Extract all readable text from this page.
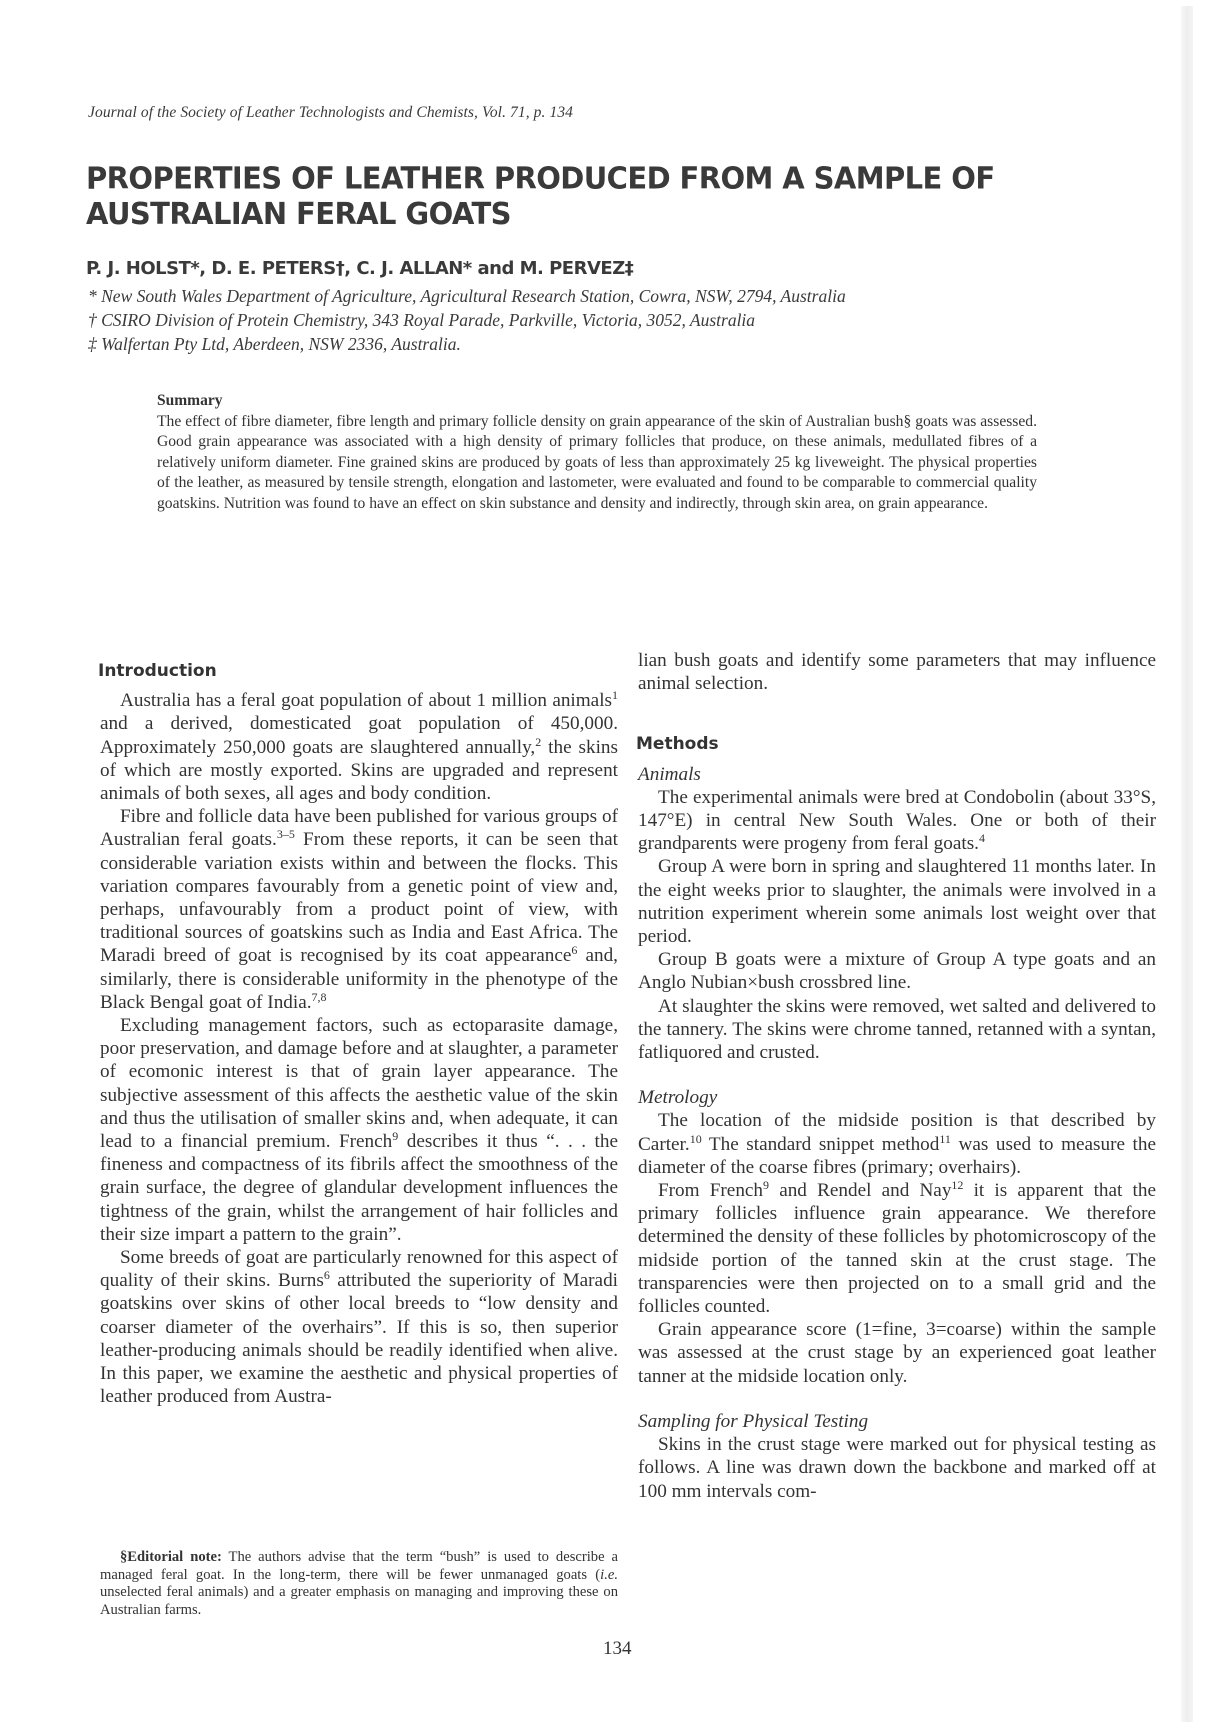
Journal of the Society of Leather Technologists and Chemists, Vol. 71, p. 134
PROPERTIES OF LEATHER PRODUCED FROM A SAMPLE OF
AUSTRALIAN FERAL GOATS
P. J. HOLST*, D. E. PETERS†, C. J. ALLAN* and M. PERVEZ‡
* New South Wales Department of Agriculture, Agricultural Research Station, Cowra, NSW, 2794, Australia
† CSIRO Division of Protein Chemistry, 343 Royal Parade, Parkville, Victoria, 3052, Australia
‡ Walfertan Pty Ltd, Aberdeen, NSW 2336, Australia.
Summary
The effect of fibre diameter, fibre length and primary follicle density on grain appearance of the skin of Australian bush§ goats was assessed. Good grain appearance was associated with a high density of primary follicles that produce, on these animals, medullated fibres of a relatively uniform diameter. Fine grained skins are produced by goats of less than approximately 25 kg liveweight. The physical properties of the leather, as measured by tensile strength, elongation and lastometer, were evaluated and found to be comparable to commercial quality goatskins. Nutrition was found to have an effect on skin substance and density and indirectly, through skin area, on grain appearance.
Introduction

Australia has a feral goat population of about 1 million animals$^1$ and a derived, domesticated goat population of 450,000. Approximately 250,000 goats are slaughtered annually,$^2$ the skins of which are mostly exported. Skins are upgraded and represent animals of both sexes, all ages and body condition.

Fibre and follicle data have been published for various groups of Australian feral goats.$^{3-5}$ From these reports, it can be seen that considerable variation exists within and between the flocks. This variation compares favourably from a genetic point of view and, perhaps, unfavourably from a product point of view, with traditional sources of goatskins such as India and East Africa. The Maradi breed of goat is recognised by its coat appearance$^6$ and, similarly, there is considerable uniformity in the phenotype of the Black Bengal goat of India.$^{7,8}$

Excluding management factors, such as ectoparasite damage, poor preservation, and damage before and at slaughter, a parameter of ecomonic interest is that of grain layer appearance. The subjective assessment of this affects the aesthetic value of the skin and thus the utilisation of smaller skins and, when adequate, it can lead to a financial premium. French$^9$ describes it thus “. . . the fineness and compactness of its fibrils affect the smoothness of the grain surface, the degree of glandular development influences the tightness of the grain, whilst the arrangement of hair follicles and their size impart a pattern to the grain”.

Some breeds of goat are particularly renowned for this aspect of quality of their skins. Burns$^6$ attributed the superiority of Maradi goatskins over skins of other local breeds to “low density and coarser diameter of the overhairs”. If this is so, then superior leather-producing animals should be readily identified when alive. In this paper, we examine the aesthetic and physical properties of leather produced from Austra-

§Editorial note: The authors advise that the term “bush” is used to describe a managed feral goat. In the long-term, there will be fewer unmanaged goats (i.e. unselected feral animals) and a greater emphasis on managing and improving these on Australian farms.

lian bush goats and identify some parameters that may influence animal selection.

Methods
Animals

The experimental animals were bred at Condobolin (about 33°S, 147°E) in central New South Wales. One or both of their grandparents were progeny from feral goats.$^4$

Group A were born in spring and slaughtered 11 months later. In the eight weeks prior to slaughter, the animals were involved in a nutrition experiment wherein some animals lost weight over that period.

Group B goats were a mixture of Group A type goats and an Anglo Nubian×bush crossbred line.

At slaughter the skins were removed, wet salted and delivered to the tannery. The skins were chrome tanned, retanned with a syntan, fatliquored and crusted.

Metrology

The location of the midside position is that described by Carter.$^{10}$ The standard snippet method$^{11}$ was used to measure the diameter of the coarse fibres (primary; overhairs).

From French$^9$ and Rendel and Nay$^{12}$ it is apparent that the primary follicles influence grain appearance. We therefore determined the density of these follicles by photomicroscopy of the midside portion of the tanned skin at the crust stage. The transparencies were then projected on to a small grid and the follicles counted.

Grain appearance score (1=fine, 3=coarse) within the sample was assessed at the crust stage by an experienced goat leather tanner at the midside location only.

Sampling for Physical Testing

Skins in the crust stage were marked out for physical testing as follows. A line was drawn down the backbone and marked off at 100 mm intervals com-

134
